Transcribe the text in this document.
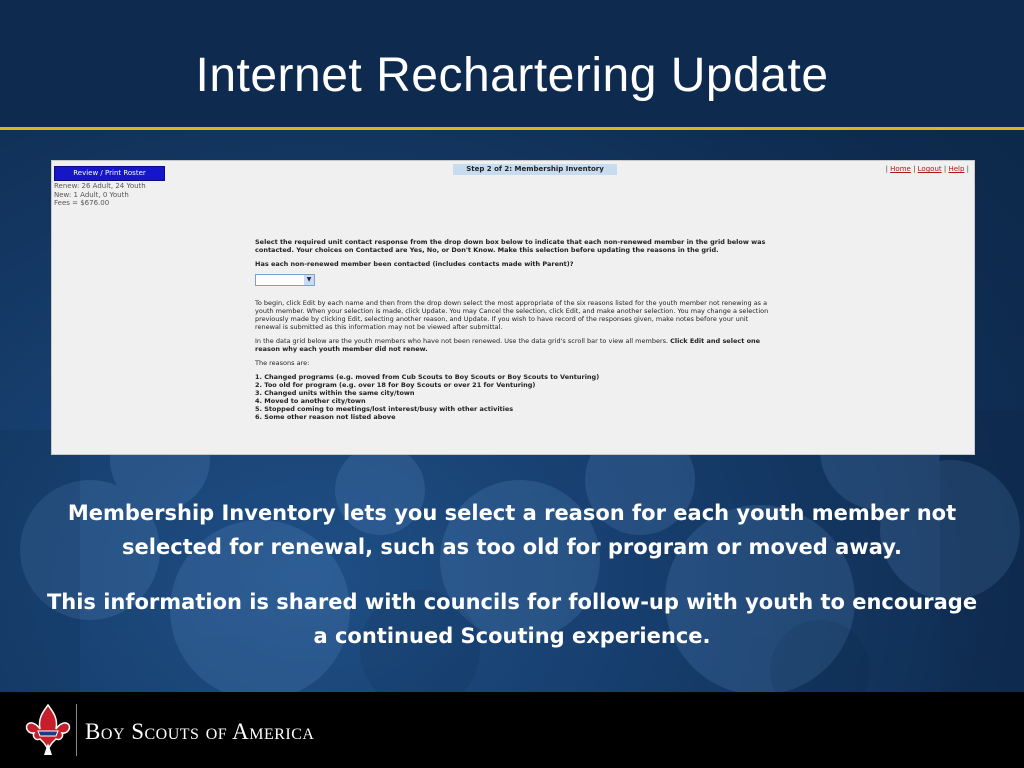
Internet Rechartering Update
Review / Print Roster
Renew: 26 Adult, 24 Youth
New: 1 Adult, 0 Youth
Fees = $676.00
Step 2 of 2: Membership Inventory	| Home | Logout | Help |

Select the required unit contact response from the drop down box below to indicate that each non-renewed member in the grid below was contacted. Your choices on Contacted are Yes, No, or Don't Know. Make this selection before updating the reasons in the grid.

Has each non-renewed member been contacted (includes contacts made with Parent)?

▼

To begin, click Edit by each name and then from the drop down select the most appropriate of the six reasons listed for the youth member not renewing as a youth member. When your selection is made, click Update. You may Cancel the selection, click Edit, and make another selection. You may change a selection previously made by clicking Edit, selecting another reason, and Update. If you wish to have record of the responses given, make notes before your unit renewal is submitted as this information may not be viewed after submittal.

In the data grid below are the youth members who have not been renewed. Use the data grid's scroll bar to view all members. Click Edit and select one reason why each youth member did not renew.

The reasons are:

1. Changed programs (e.g. moved from Cub Scouts to Boy Scouts or Boy Scouts to Venturing)
2. Too old for program (e.g. over 18 for Boy Scouts or over 21 for Venturing)
3. Changed units within the same city/town
4. Moved to another city/town
5. Stopped coming to meetings/lost interest/busy with other activities
6. Some other reason not listed above
Membership Inventory lets you select a reason for each youth member not selected for renewal, such as too old for program or moved away.
This information is shared with councils for follow-up with youth to encourage a continued Scouting experience.
Boy Scouts of America
